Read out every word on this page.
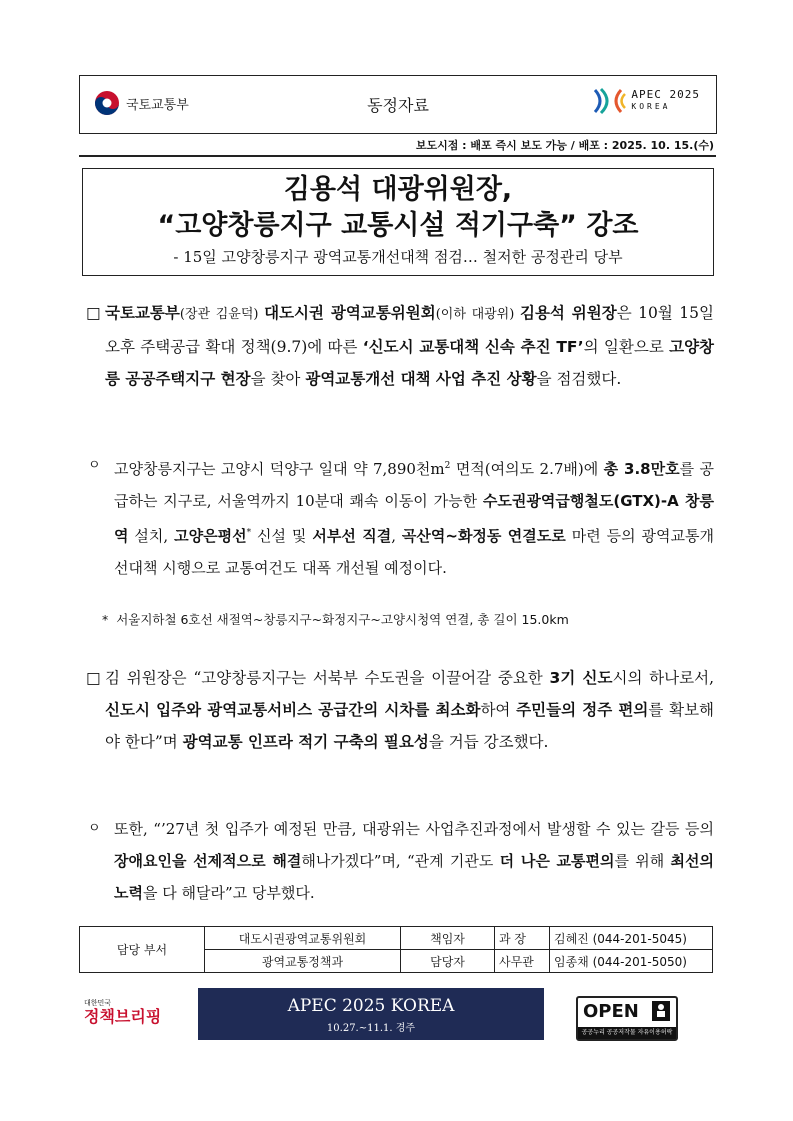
국토교통부	동정자료
APEC 2025
KOREA
보도시점 : 배포 즉시 보도 가능 / 배포 : 2025. 10. 15.(수)
김용석 대광위원장,
“고양창릉지구 교통시설 적기구축” 강조
- 15일 고양창릉지구 광역교통개선대책 점검… 철저한 공정관리 당부
□ 국토교통부(장관 김윤덕) 대도시권 광역교통위원회(이하 대광위) 김용석 위원장은 10월 15일 오후 주택공급 확대 정책(9.7)에 따른 ‘신도시 교통대책 신속 추진 TF’의 일환으로 고양창릉 공공주택지구 현장을 찾아 광역교통개선 대책 사업 추진 상황을 점검했다.
ㅇ 고양창릉지구는 고양시 덕양구 일대 약 7,890천$m^2$ 면적(여의도 2.7배)에 총 3.8만호를 공급하는 지구로, 서울역까지 10분대 쾌속 이동이 가능한 수도권광역급행철도(GTX)-A 창릉역 설치, 고양은평선* 신설 및 서부선 직결, 곡산역~화정동 연결도로 마련 등의 광역교통개선대책 시행으로 교통여건도 대폭 개선될 예정이다.
* 서울지하철 6호선 새절역~창릉지구~화정지구~고양시청역 연결, 총 길이 15.0km
□ 김 위원장은 “고양창릉지구는 서북부 수도권을 이끌어갈 중요한 3기 신도시의 하나로서, 신도시 입주와 광역교통서비스 공급간의 시차를 최소화하여 주민들의 정주 편의를 확보해야 한다”며 광역교통 인프라 적기 구축의 필요성을 거듭 강조했다.
ㅇ 또한, “’27년 첫 입주가 예정된 만큼, 대광위는 사업추진과정에서 발생할 수 있는 갈등 등의 장애요인을 선제적으로 해결해나가겠다”며, “관계 기관도 더 나은 교통편의를 위해 최선의 노력을 다 해달라”고 당부했다.
담당 부서	대도시권광역교통위원회	책임자	과 장	김혜진 (044-201-5045)
	광역교통정책과	담당자	사무관	임종채 (044-201-5050)
대한민국
정책브리핑
APEC 2025 KOREA
10.27.~11.1. 경주
OPEN
공공누리 공공저작물 자유이용허락
